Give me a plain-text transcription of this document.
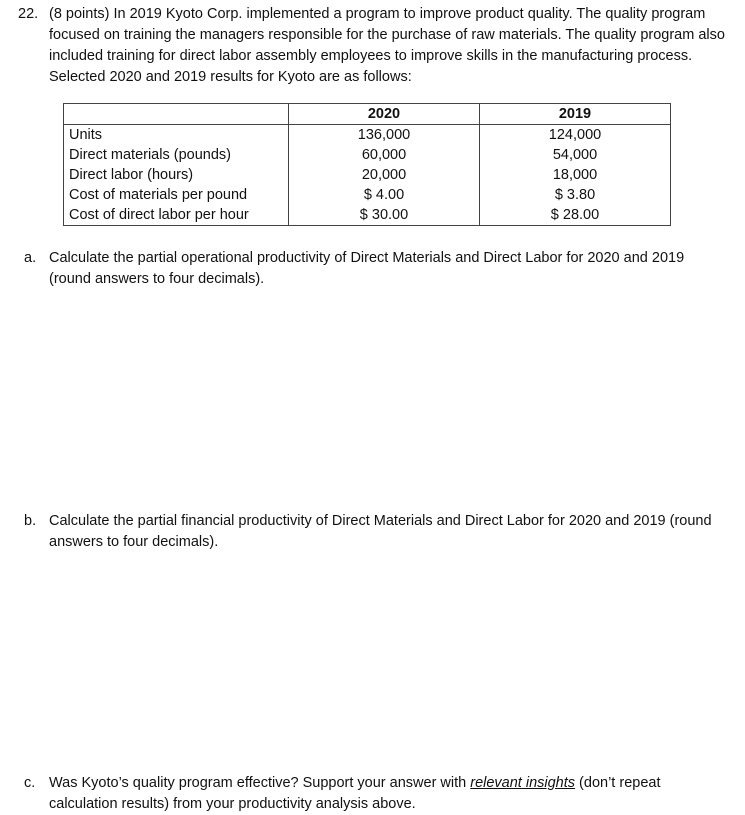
22. (8 points) In 2019 Kyoto Corp. implemented a program to improve product quality. The quality program focused on training the managers responsible for the purchase of raw materials. The quality program also included training for direct labor assembly employees to improve skills in the manufacturing process. Selected 2020 and 2019 results for Kyoto are as follows:
	2020	2019
Units	136,000	124,000
Direct materials (pounds)	60,000	54,000
Direct labor (hours)	20,000	18,000
Cost of materials per pound	$ 4.00	$ 3.80
Cost of direct labor per hour	$ 30.00	$ 28.00
a. Calculate the partial operational productivity of Direct Materials and Direct Labor for 2020 and 2019 (round answers to four decimals).
b. Calculate the partial financial productivity of Direct Materials and Direct Labor for 2020 and 2019 (round answers to four decimals).
c. Was Kyoto’s quality program effective? Support your answer with relevant insights (don’t repeat calculation results) from your productivity analysis above.
